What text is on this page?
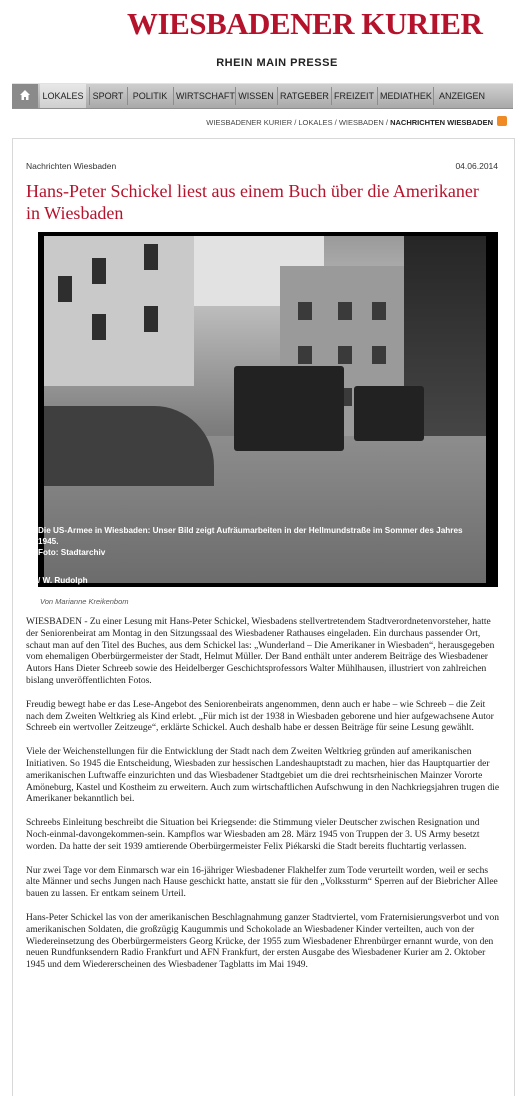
WIESBADENER KURIER
RHEIN MAIN PRESSE
LOKALES SPORT	POLITIK WIRTSCHAFT WISSEN RATGEBER FREIZEIT MEDIATHEK ANZEIGEN
WIESBADENER KURIER / LOKALES / WIESBADEN / NACHRICHTEN WIESBADEN
Nachrichten Wiesbaden	04.06.2014
Hans-Peter Schickel liest aus einem Buch über die Amerikaner in Wiesbaden
Die US-Armee in Wiesbaden: Unser Bild zeigt Aufräumarbeiten in der Hellmundstraße im Sommer des Jahres 1945.
Foto: Stadtarchiv
/ W. Rudolph
Von Marianne Kreikenbom

WIESBADEN - Zu einer Lesung mit Hans-Peter Schickel, Wiesbadens stellvertretendem Stadtverordnetenvorsteher, hatte der Seniorenbeirat am Montag in den Sitzungssaal des Wiesbadener Rathauses eingeladen. Ein durchaus passender Ort, schaut man auf den Titel des Buches, aus dem Schickel las: „Wunderland – Die Amerikaner in Wiesbaden“, herausgegeben vom ehemaligen Oberbürgermeister der Stadt, Helmut Müller. Der Band enthält unter anderem Beiträge des Wiesbadener Autors Hans Dieter Schreeb sowie des Heidelberger Geschichtsprofessors Walter Mühlhausen, illustriert von zahlreichen bislang unveröffentlichten Fotos.

Freudig bewegt habe er das Lese-Angebot des Seniorenbeirats angenommen, denn auch er habe – wie Schreeb – die Zeit nach dem Zweiten Weltkrieg als Kind erlebt. „Für mich ist der 1938 in Wiesbaden geborene und hier aufgewachsene Autor Schreeb ein wertvoller Zeitzeuge“, erklärte Schickel. Auch deshalb habe er dessen Beiträge für seine Lesung gewählt.

Viele der Weichenstellungen für die Entwicklung der Stadt nach dem Zweiten Weltkrieg gründen auf amerikanischen Initiativen. So 1945 die Entscheidung, Wiesbaden zur hessischen Landeshauptstadt zu machen, hier das Hauptquartier der amerikanischen Luftwaffe einzurichten und das Wiesbadener Stadtgebiet um die drei rechtsrheinischen Mainzer Vororte Amöneburg, Kastel und Kostheim zu erweitern. Auch zum wirtschaftlichen Aufschwung in den Nachkriegsjahren trugen die Amerikaner bekanntlich bei.

Schreebs Einleitung beschreibt die Situation bei Kriegsende: die Stimmung vieler Deutscher zwischen Resignation und Noch-einmal-davongekommen-sein. Kampflos war Wiesbaden am 28. März 1945 von Truppen der 3. US Army besetzt worden. Da hatte der seit 1939 amtierende Oberbürgermeister Felix Piékarski die Stadt bereits fluchtartig verlassen.

Nur zwei Tage vor dem Einmarsch war ein 16-jähriger Wiesbadener Flakhelfer zum Tode verurteilt worden, weil er sechs alte Männer und sechs Jungen nach Hause geschickt hatte, anstatt sie für den „Volkssturm“ Sperren auf der Biebricher Allee bauen zu lassen. Er entkam seinem Urteil.

Hans-Peter Schickel las von der amerikanischen Beschlagnahmung ganzer Stadtviertel, vom Fraternisierungsverbot und von amerikanischen Soldaten, die großzügig Kaugummis und Schokolade an Wiesbadener Kinder verteilten, auch von der Wiedereinsetzung des Oberbürgermeisters Georg Krücke, der 1955 zum Wiesbadener Ehrenbürger ernannt wurde, von den neuen Rundfunksendern Radio Frankfurt und AFN Frankfurt, der ersten Ausgabe des Wiesbadener Kurier am 2. Oktober 1945 und dem Wiedererscheinen des Wiesbadener Tagblatts im Mai 1949.
